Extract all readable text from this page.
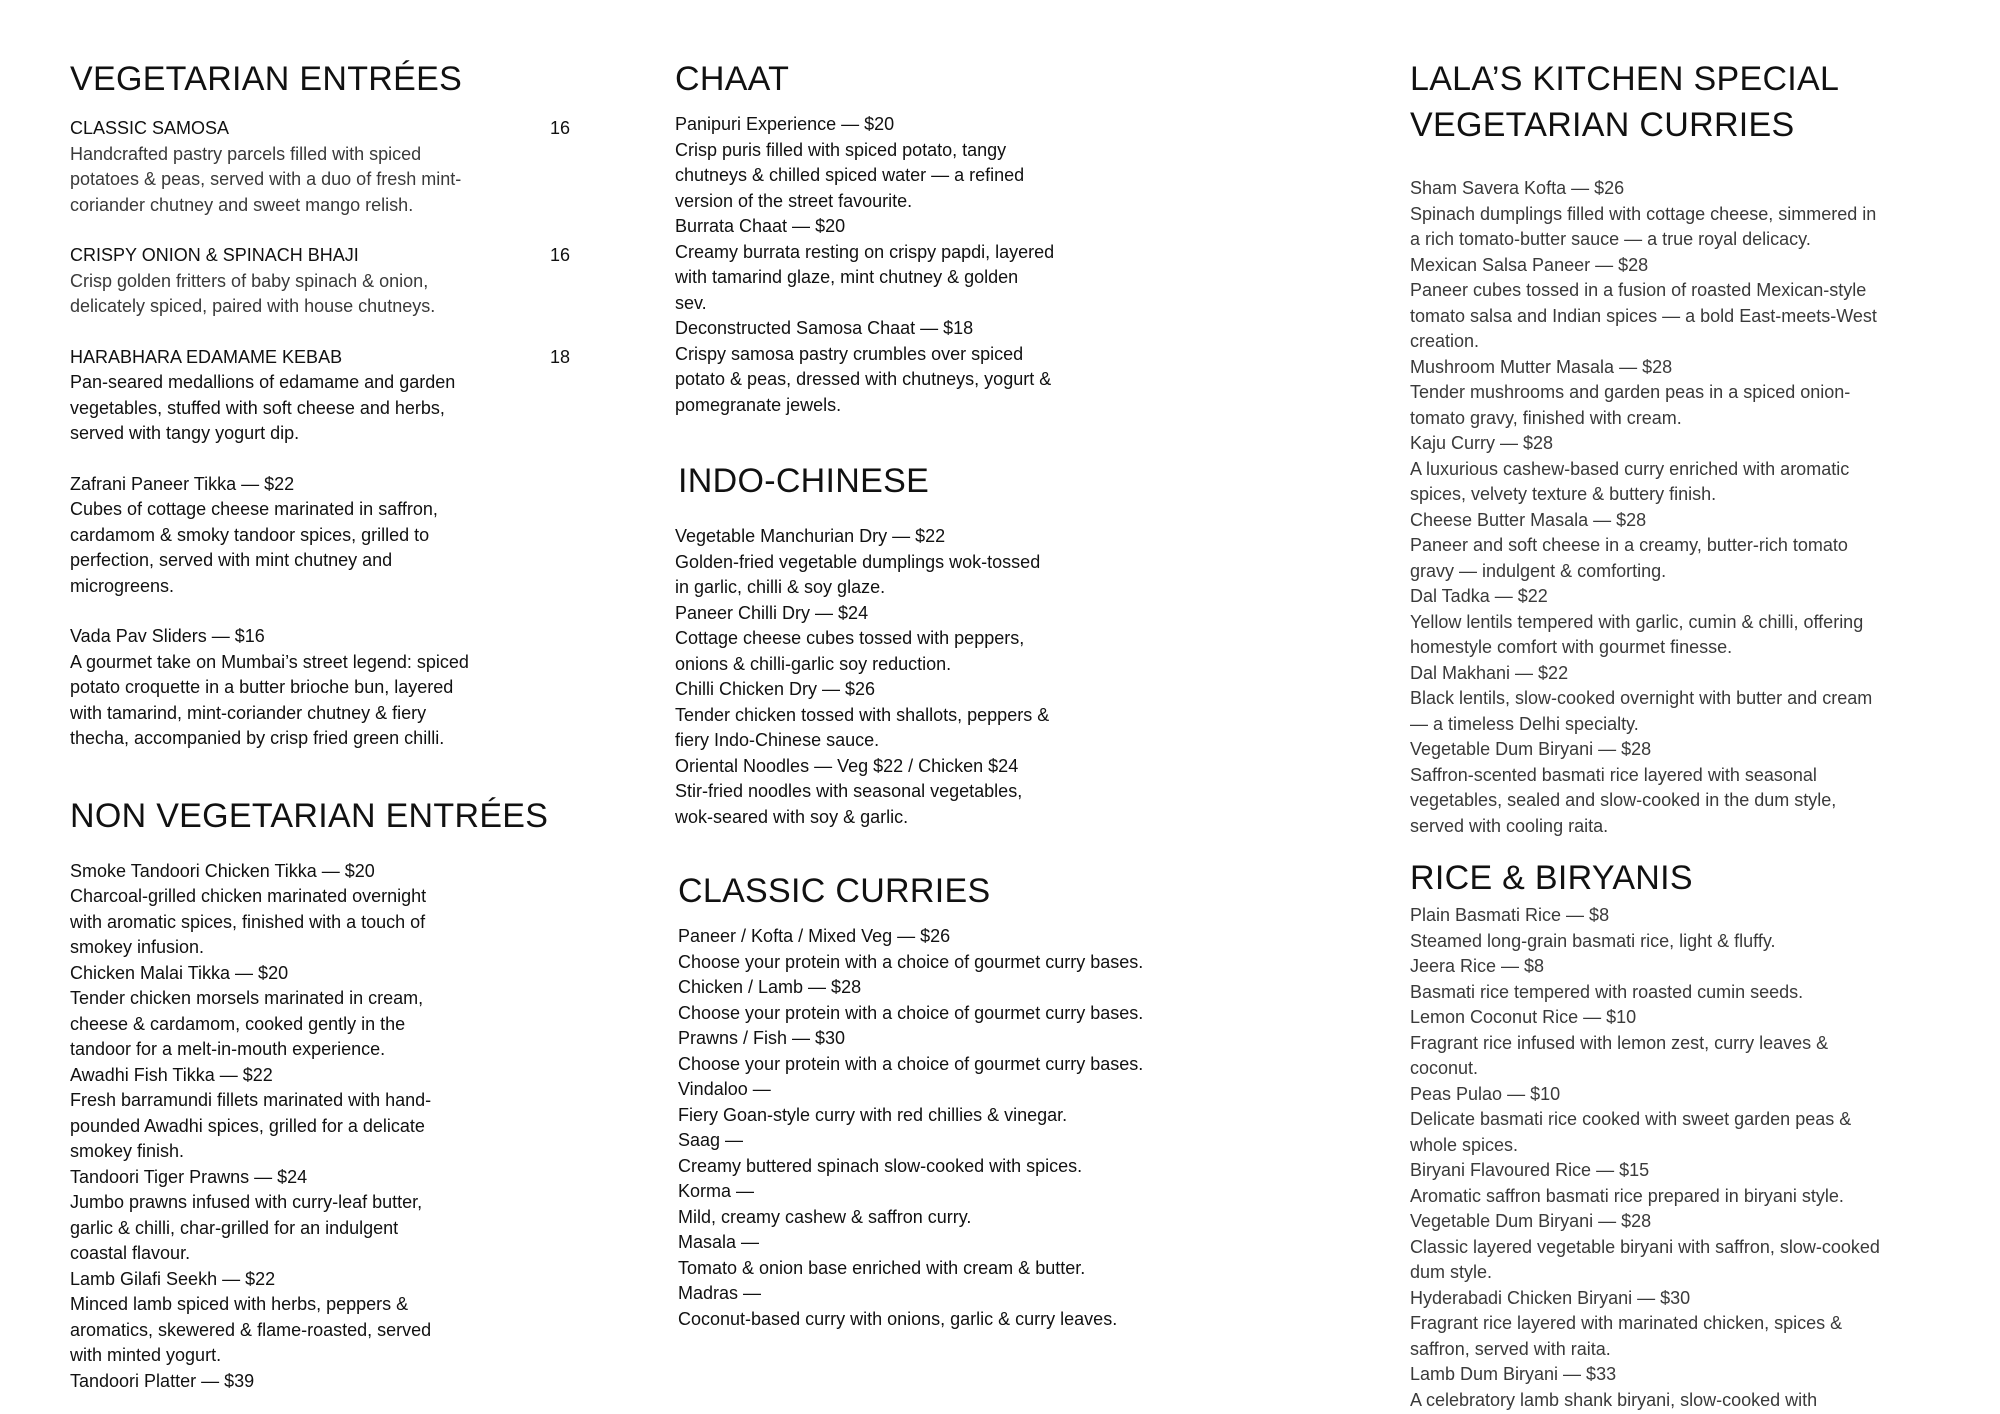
VEGETARIAN ENTRÉES
CLASSIC SAMOSA	16

Handcrafted pastry parcels filled with spiced
potatoes & peas, served with a duo of fresh mint-
coriander chutney and sweet mango relish.

CRISPY ONION & SPINACH BHAJI	16

Crisp golden fritters of baby spinach & onion,
delicately spiced, paired with house chutneys.

HARABHARA EDAMAME KEBAB	18

Pan-seared medallions of edamame and garden
vegetables, stuffed with soft cheese and herbs,
served with tangy yogurt dip.

Zafrani Paneer Tikka — $22

Cubes of cottage cheese marinated in saffron,
cardamom & smoky tandoor spices, grilled to
perfection, served with mint chutney and
microgreens.

Vada Pav Sliders — $16

A gourmet take on Mumbai’s street legend: spiced
potato croquette in a butter brioche bun, layered
with tamarind, mint-coriander chutney & fiery
thecha, accompanied by crisp fried green chilli.

NON VEGETARIAN ENTRÉES

Smoke Tandoori Chicken Tikka — $20

Charcoal-grilled chicken marinated overnight
with aromatic spices, finished with a touch of
smokey infusion.

Chicken Malai Tikka — $20

Tender chicken morsels marinated in cream,
cheese & cardamom, cooked gently in the
tandoor for a melt-in-mouth experience.

Awadhi Fish Tikka — $22

Fresh barramundi fillets marinated with hand-
pounded Awadhi spices, grilled for a delicate
smokey finish.

Tandoori Tiger Prawns — $24

Jumbo prawns infused with curry-leaf butter,
garlic & chilli, char-grilled for an indulgent
coastal flavour.

Lamb Gilafi Seekh — $22

Minced lamb spiced with herbs, peppers &
aromatics, skewered & flame-roasted, served
with minted yogurt.

Tandoori Platter — $39

CHAAT

Panipuri Experience — $20

Crisp puris filled with spiced potato, tangy
chutneys & chilled spiced water — a refined
version of the street favourite.

Burrata Chaat — $20

Creamy burrata resting on crispy papdi, layered
with tamarind glaze, mint chutney & golden
sev.

Deconstructed Samosa Chaat — $18

Crispy samosa pastry crumbles over spiced
potato & peas, dressed with chutneys, yogurt &
pomegranate jewels.

INDO-CHINESE

Vegetable Manchurian Dry — $22

Golden-fried vegetable dumplings wok-tossed
in garlic, chilli & soy glaze.

Paneer Chilli Dry — $24

Cottage cheese cubes tossed with peppers,
onions & chilli-garlic soy reduction.

Chilli Chicken Dry — $26

Tender chicken tossed with shallots, peppers &
fiery Indo-Chinese sauce.

Oriental Noodles — Veg $22 / Chicken $24

Stir-fried noodles with seasonal vegetables,
wok-seared with soy & garlic.

CLASSIC CURRIES

Paneer / Kofta / Mixed Veg — $26

Choose your protein with a choice of gourmet curry bases.

Chicken / Lamb — $28

Choose your protein with a choice of gourmet curry bases.

Prawns / Fish — $30

Choose your protein with a choice of gourmet curry bases.

Vindaloo —

Fiery Goan-style curry with red chillies & vinegar.

Saag —

Creamy buttered spinach slow-cooked with spices.

Korma —

Mild, creamy cashew & saffron curry.

Masala —

Tomato & onion base enriched with cream & butter.

Madras —

Coconut-based curry with onions, garlic & curry leaves.

LALA’S KITCHEN SPECIAL
VEGETARIAN CURRIES

Sham Savera Kofta — $26

Spinach dumplings filled with cottage cheese, simmered in
a rich tomato-butter sauce — a true royal delicacy.

Mexican Salsa Paneer — $28

Paneer cubes tossed in a fusion of roasted Mexican-style
tomato salsa and Indian spices — a bold East-meets-West
creation.

Mushroom Mutter Masala — $28

Tender mushrooms and garden peas in a spiced onion-
tomato gravy, finished with cream.

Kaju Curry — $28

A luxurious cashew-based curry enriched with aromatic
spices, velvety texture & buttery finish.

Cheese Butter Masala — $28

Paneer and soft cheese in a creamy, butter-rich tomato
gravy — indulgent & comforting.

Dal Tadka — $22

Yellow lentils tempered with garlic, cumin & chilli, offering
homestyle comfort with gourmet finesse.

Dal Makhani — $22

Black lentils, slow-cooked overnight with butter and cream
— a timeless Delhi specialty.

Vegetable Dum Biryani — $28

Saffron-scented basmati rice layered with seasonal
vegetables, sealed and slow-cooked in the dum style,
served with cooling raita.

RICE & BIRYANIS

Plain Basmati Rice — $8

Steamed long-grain basmati rice, light & fluffy.

Jeera Rice — $8

Basmati rice tempered with roasted cumin seeds.

Lemon Coconut Rice — $10

Fragrant rice infused with lemon zest, curry leaves &
coconut.

Peas Pulao — $10

Delicate basmati rice cooked with sweet garden peas &
whole spices.

Biryani Flavoured Rice — $15

Aromatic saffron basmati rice prepared in biryani style.

Vegetable Dum Biryani — $28

Classic layered vegetable biryani with saffron, slow-cooked
dum style.

Hyderabadi Chicken Biryani — $30

Fragrant rice layered with marinated chicken, spices &
saffron, served with raita.

Lamb Dum Biryani — $33

A celebratory lamb shank biryani, slow-cooked with
